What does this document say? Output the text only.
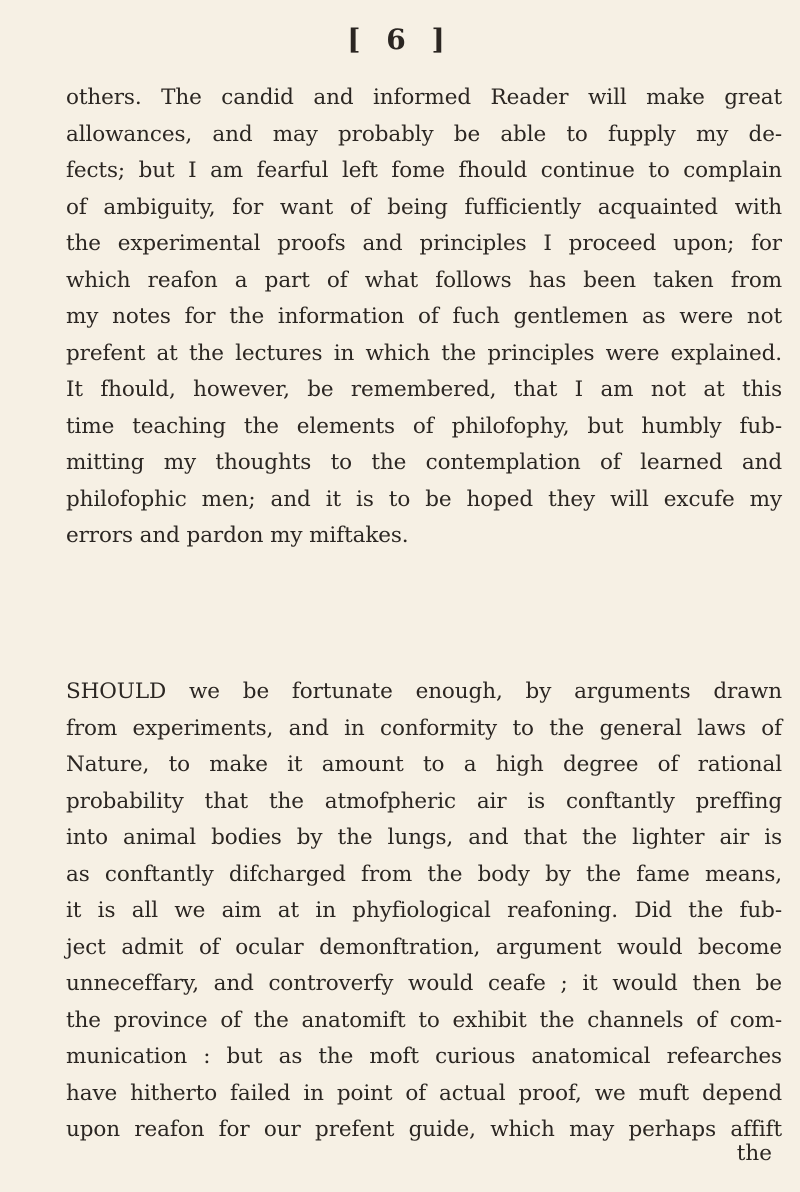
[ 6 ]
others. The candid and informed Reader will make great
allowances, and may probably be able to fupply my de-
fects; but I am fearful left fome fhould continue to complain
of ambiguity, for want of being fufficiently acquainted with
the experimental proofs and principles I proceed upon; for
which reafon a part of what follows has been taken from
my notes for the information of fuch gentlemen as were not
prefent at the lectures in which the principles were explained.
It fhould, however, be remembered, that I am not at this
time teaching the elements of philofophy, but humbly fub-
mitting my thoughts to the contemplation of learned and
philofophic men; and it is to be hoped they will excufe my
errors and pardon my miftakes.
SHOULD we be fortunate enough, by arguments drawn
from experiments, and in conformity to the general laws of
Nature, to make it amount to a high degree of rational
probability that the atmofpheric air is conftantly preffing
into animal bodies by the lungs, and that the lighter air is
as conftantly difcharged from the body by the fame means,
it is all we aim at in phyfiological reafoning. Did the fub-
ject admit of ocular demonftration, argument would become
unneceffary, and controverfy would ceafe ; it would then be
the province of the anatomift to exhibit the channels of com-
munication : but as the moft curious anatomical refearches
have hitherto failed in point of actual proof, we muft depend
upon reafon for our prefent guide, which may perhaps affift
the
